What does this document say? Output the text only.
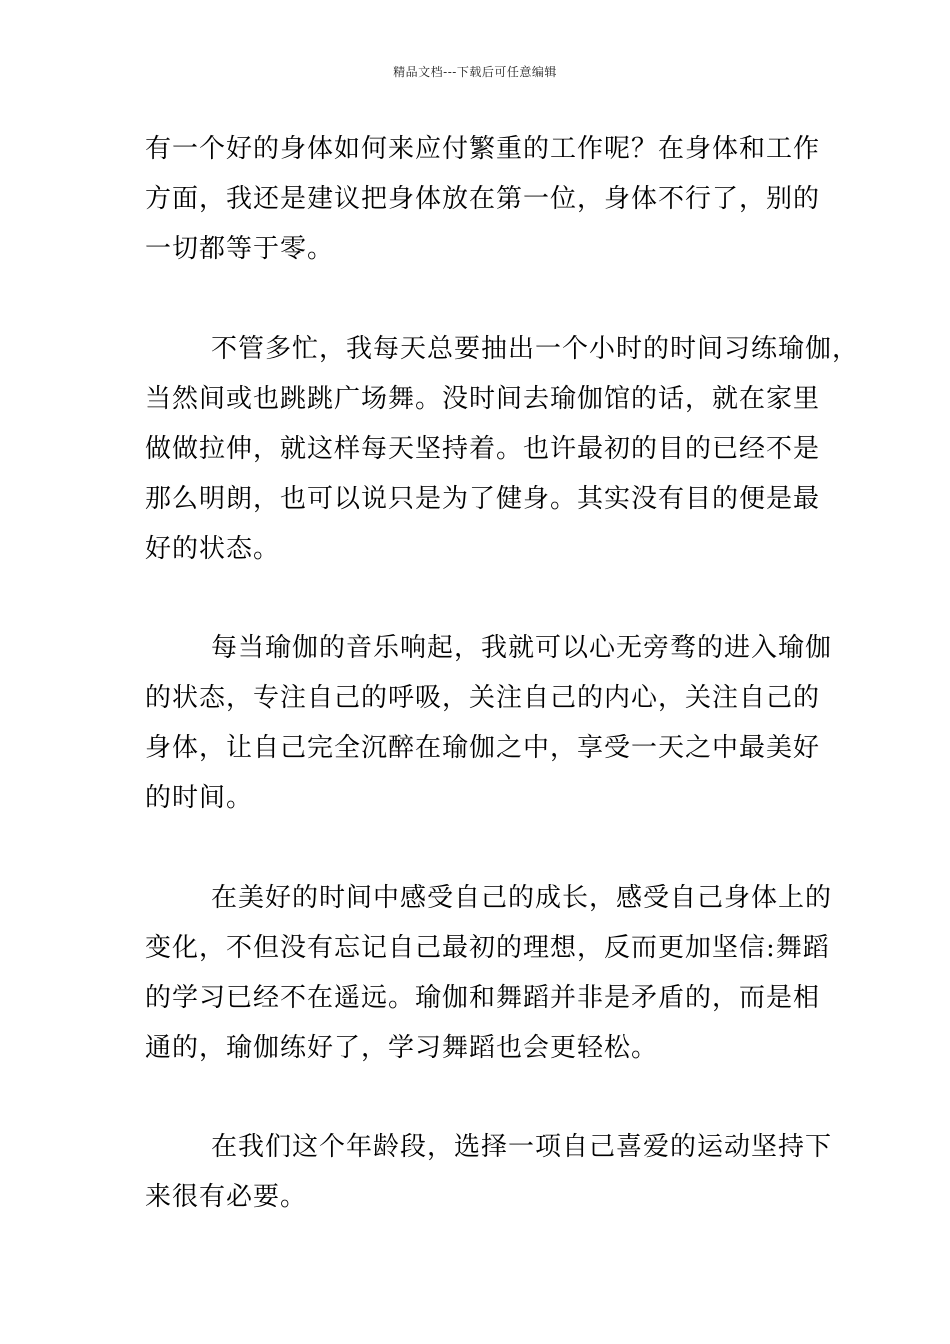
精品文档---下载后可任意编辑
有一个好的身体如何来应付繁重的工作呢？在身体和工作
方面，我还是建议把身体放在第一位，身体不行了，别的
一切都等于零。
不管多忙，我每天总要抽出一个小时的时间习练瑜伽，
当然间或也跳跳广场舞。没时间去瑜伽馆的话，就在家里
做做拉伸，就这样每天坚持着。也许最初的目的已经不是
那么明朗，也可以说只是为了健身。其实没有目的便是最
好的状态。
每当瑜伽的音乐响起，我就可以心无旁骛的进入瑜伽
的状态，专注自己的呼吸，关注自己的内心，关注自己的
身体，让自己完全沉醉在瑜伽之中，享受一天之中最美好
的时间。
在美好的时间中感受自己的成长，感受自己身体上的
变化，不但没有忘记自己最初的理想，反而更加坚信:舞蹈
的学习已经不在遥远。瑜伽和舞蹈并非是矛盾的，而是相
通的，瑜伽练好了，学习舞蹈也会更轻松。
在我们这个年龄段，选择一项自己喜爱的运动坚持下
来很有必要。
